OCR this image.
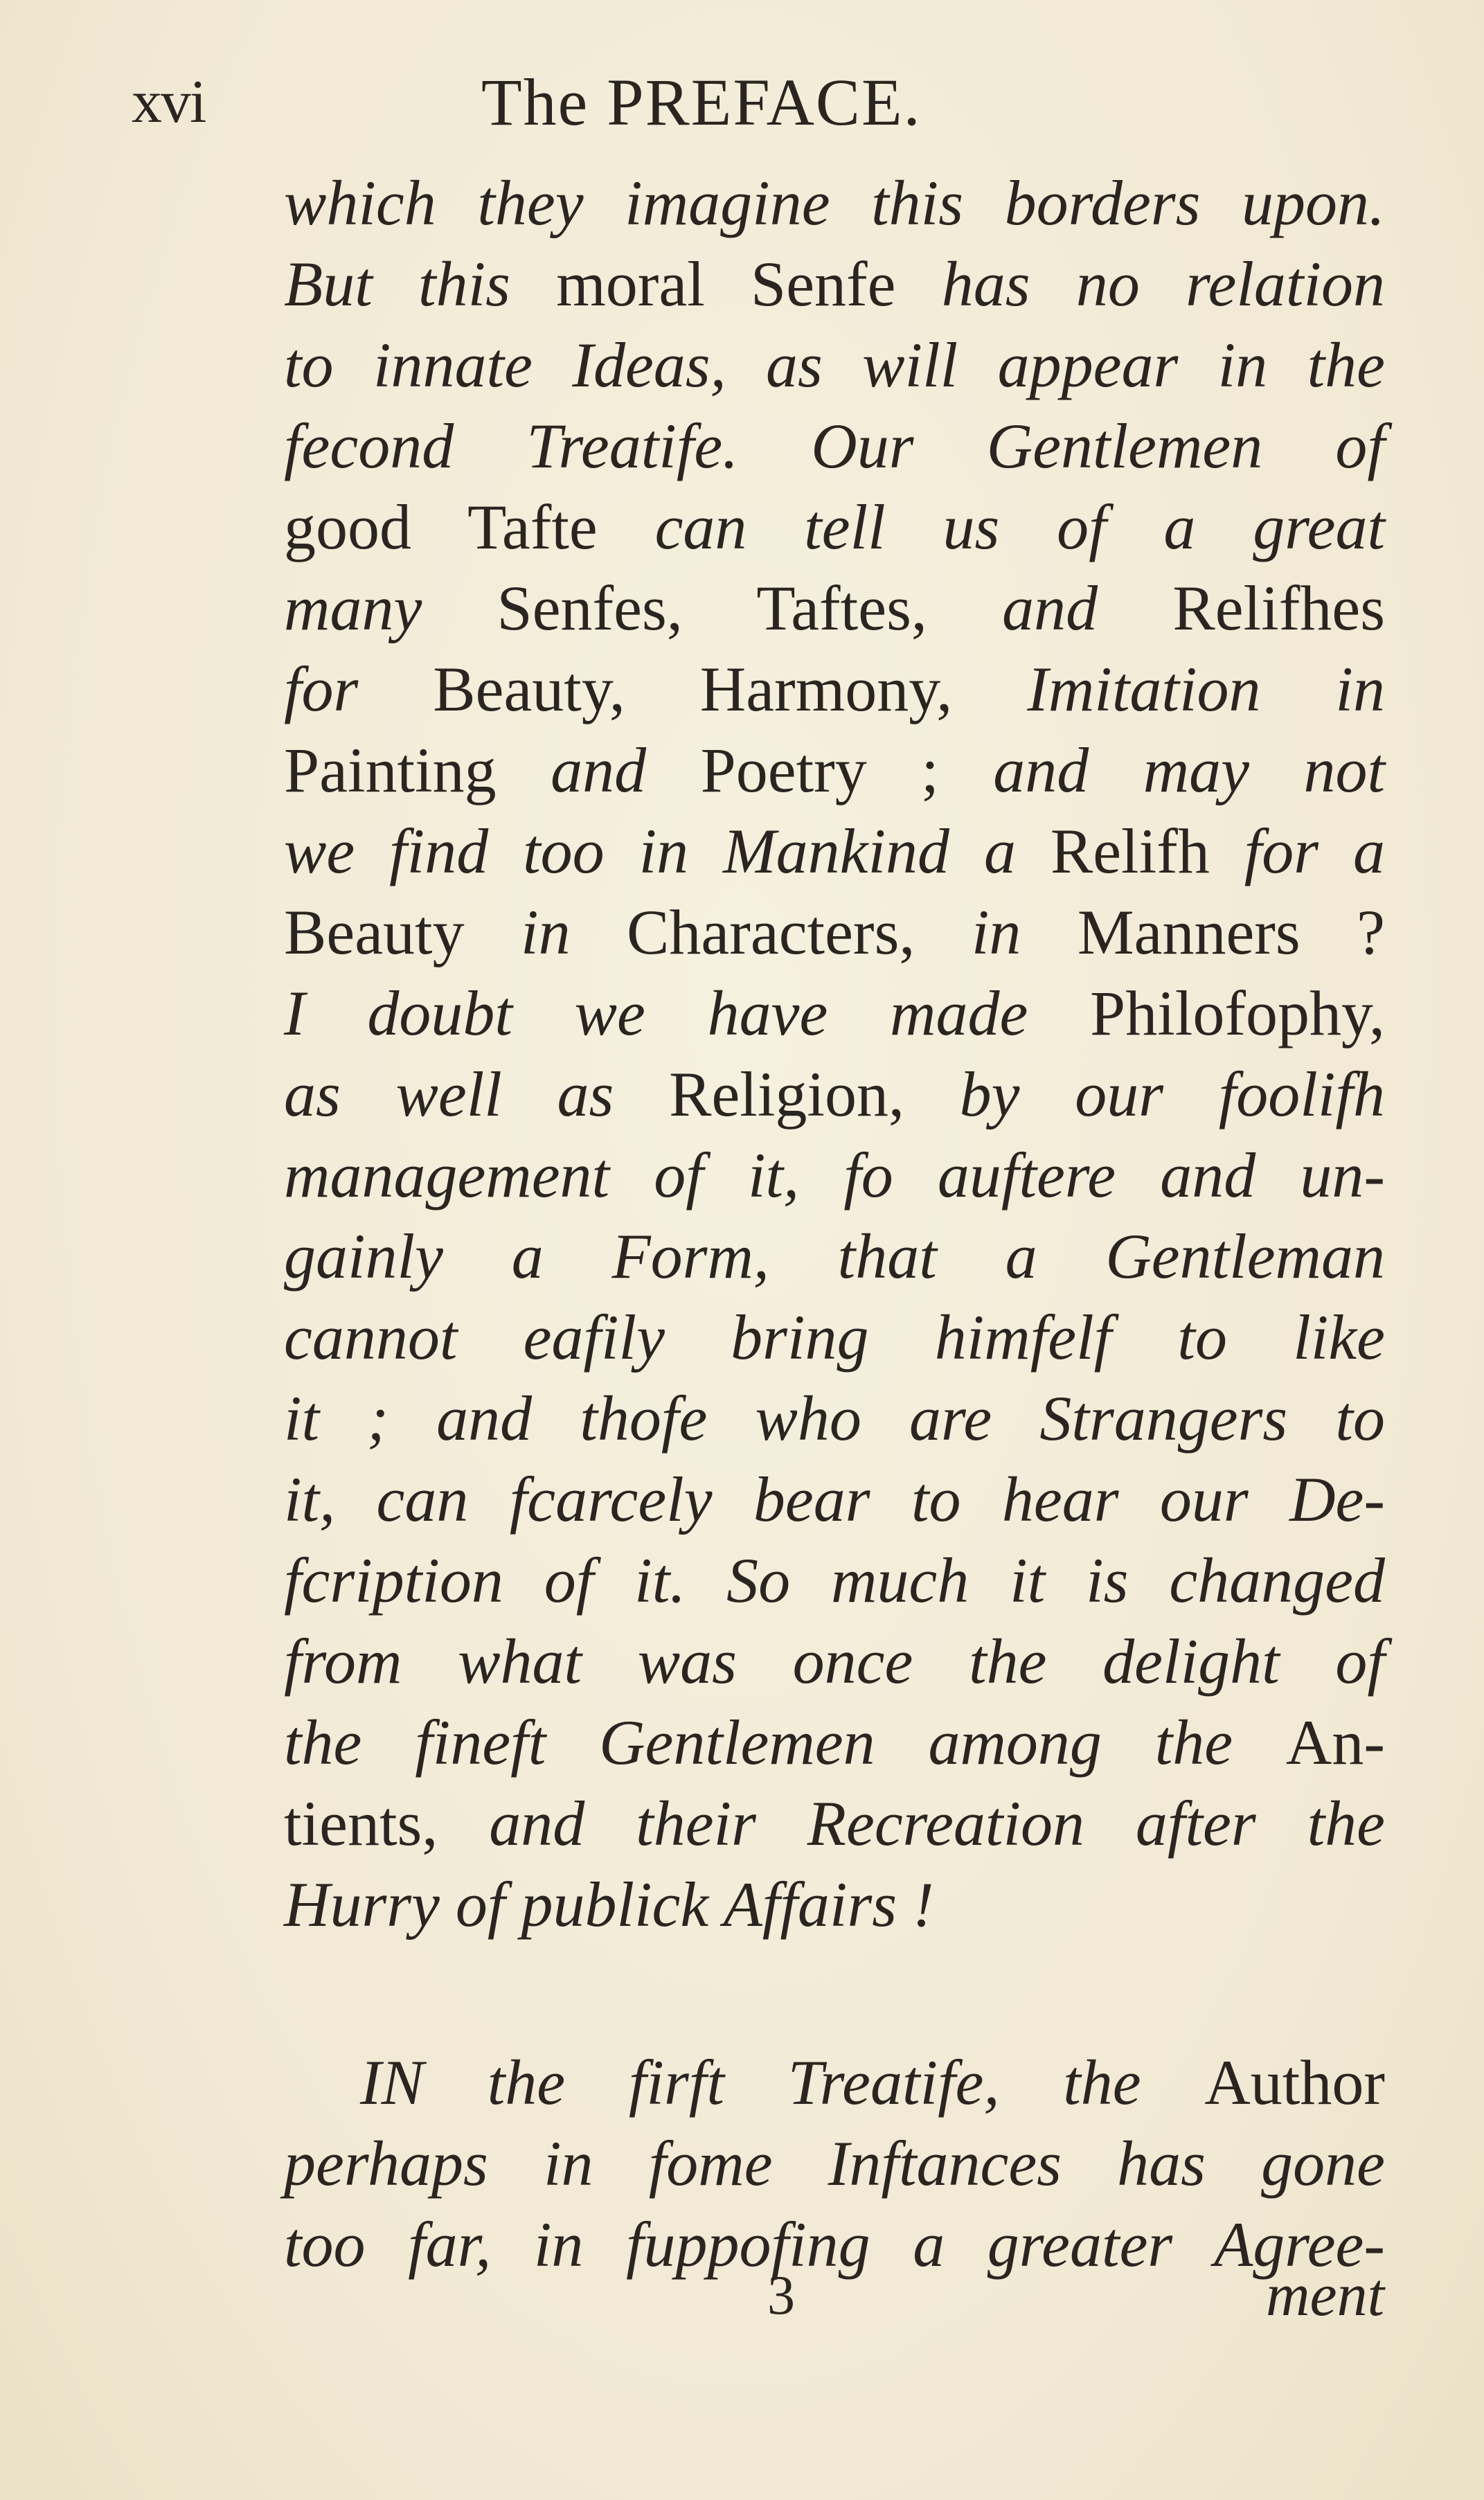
xvi	The PREFACE.
which they imagine this borders upon.
But this moral Senfe has no relation
to innate Ideas, as will appear in the
fecond Treatife. Our Gentlemen of
good Tafte can tell us of a great
many Senfes, Taftes, and Relifhes
for Beauty, Harmony, Imitation in
Painting and Poetry ; and may not
we find too in Mankind a Relifh for a
Beauty in Characters, in Manners ?
I doubt we have made Philofophy,
as well as Religion, by our foolifh
management of it, fo auftere and un-
gainly a Form, that a Gentleman
cannot eafily bring himfelf to like
it ; and thofe who are Strangers to
it, can fcarcely bear to hear our De-
fcription of it. So much it is changed
from what was once the delight of
the fineft Gentlemen among the An-
tients, and their Recreation after the
Hurry of publick Affairs !
IN the firft Treatife, the Author
perhaps in fome Inftances has gone
too far, in fuppofing a greater Agree-
3	ment
